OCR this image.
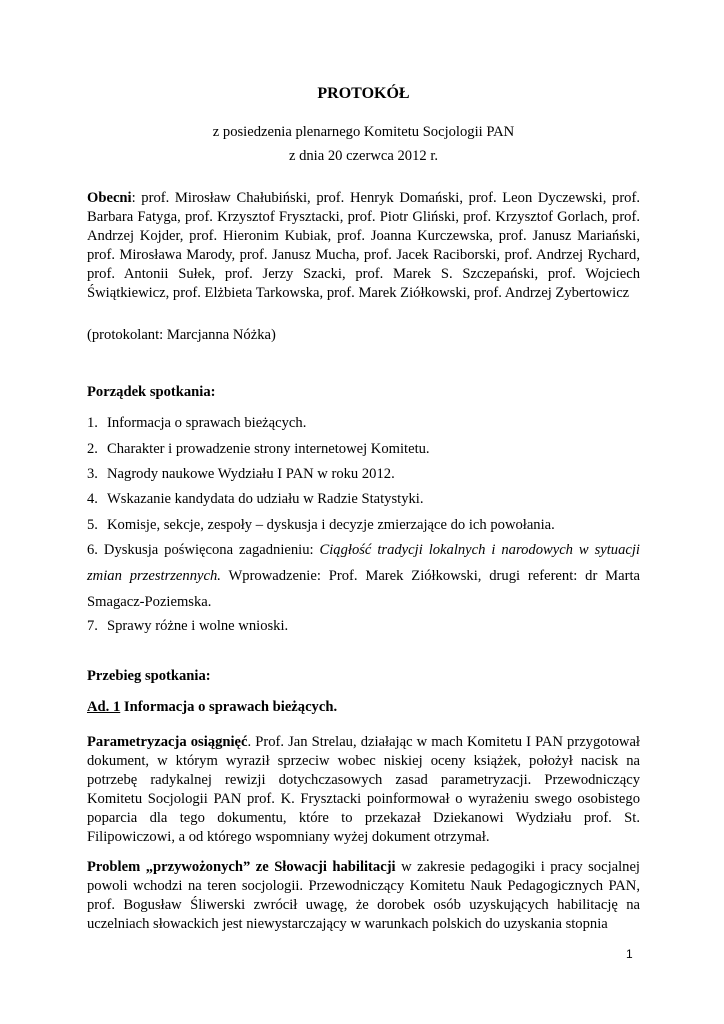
PROTOKÓŁ
z posiedzenia plenarnego Komitetu Socjologii PAN
z dnia 20 czerwca 2012 r.
Obecni: prof. Mirosław Chałubiński, prof. Henryk Domański, prof. Leon Dyczewski, prof. Barbara Fatyga, prof. Krzysztof Frysztacki, prof. Piotr Gliński, prof. Krzysztof Gorlach, prof. Andrzej Kojder, prof. Hieronim Kubiak, prof. Joanna Kurczewska, prof. Janusz Mariański, prof. Mirosława Marody, prof. Janusz Mucha, prof. Jacek Raciborski, prof. Andrzej Rychard, prof. Antonii Sułek, prof. Jerzy Szacki, prof. Marek S. Szczepański, prof. Wojciech Świątkiewicz, prof. Elżbieta Tarkowska, prof. Marek Ziółkowski, prof. Andrzej Zybertowicz
(protokolant: Marcjanna Nóżka)
Porządek spotkania:
1. Informacja o sprawach bieżących.
2. Charakter i prowadzenie strony internetowej Komitetu.
3. Nagrody naukowe Wydziału I PAN w roku 2012.
4. Wskazanie kandydata do udziału w Radzie Statystyki.
5. Komisje, sekcje, zespoły – dyskusja i decyzje zmierzające do ich powołania.
6. Dyskusja poświęcona zagadnieniu: Ciągłość tradycji lokalnych i narodowych w sytuacji zmian przestrzennych. Wprowadzenie: Prof. Marek Ziółkowski, drugi referent: dr Marta Smagacz-Poziemska.
7. Sprawy różne i wolne wnioski.
Przebieg spotkania:
Ad. 1 Informacja o sprawach bieżących.
Parametryzacja osiągnięć. Prof. Jan Strelau, działając w mach Komitetu I PAN przygotował dokument, w którym wyraził sprzeciw wobec niskiej oceny książek, położył nacisk na potrzebę radykalnej rewizji dotychczasowych zasad parametryzacji. Przewodniczący Komitetu Socjologii PAN prof. K. Frysztacki poinformował o wyrażeniu swego osobistego poparcia dla tego dokumentu, które to przekazał Dziekanowi Wydziału prof. St. Filipowiczowi, a od którego wspomniany wyżej dokument otrzymał.
Problem „przywożonych” ze Słowacji habilitacji w zakresie pedagogiki i pracy socjalnej powoli wchodzi na teren socjologii. Przewodniczący Komitetu Nauk Pedagogicznych PAN, prof. Bogusław Śliwerski zwrócił uwagę, że dorobek osób uzyskujących habilitację na uczelniach słowackich jest niewystarczający w warunkach polskich do uzyskania stopnia
1
